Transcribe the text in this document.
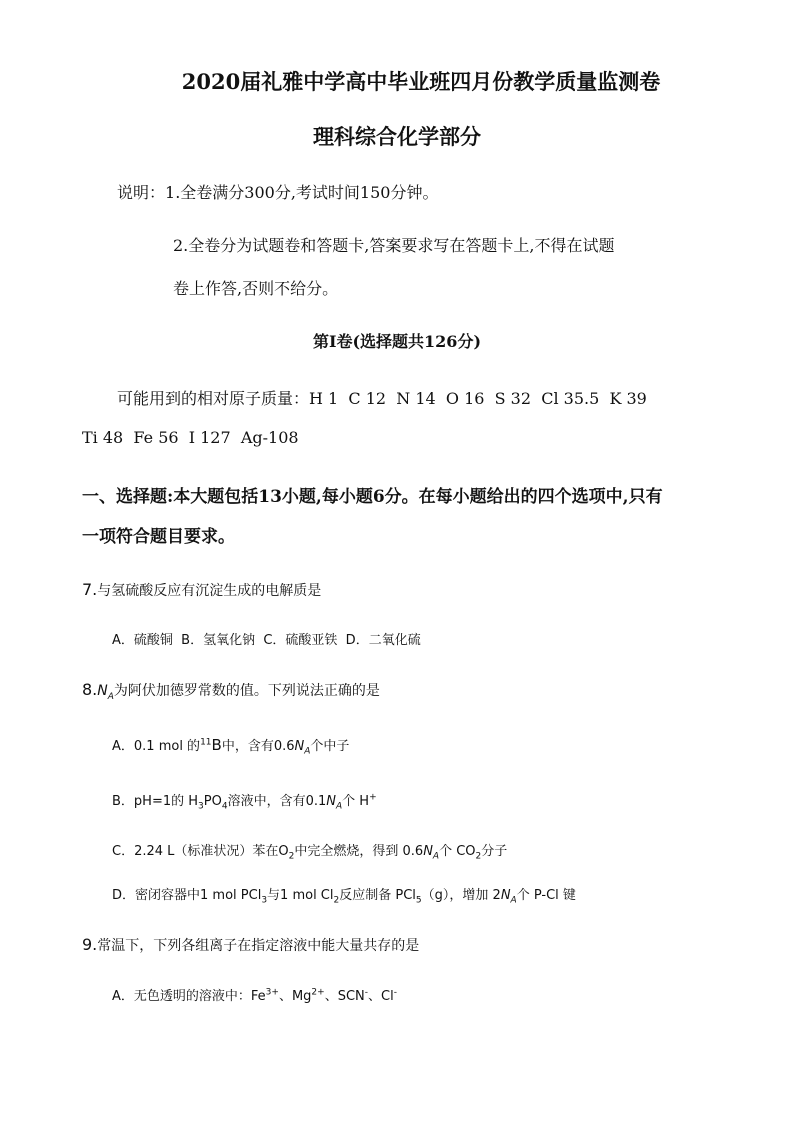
2020届礼雅中学高中毕业班四月份教学质量监测卷
理科综合化学部分
说明：1.全卷满分300分,考试时间150分钟。
2.全卷分为试题卷和答题卡,答案要求写在答题卡上,不得在试题
卷上作答,否则不给分。
第Ⅰ卷(选择题共126分)
可能用到的相对原子质量：H 1  C 12  N 14  O 16  S 32  Cl 35.5  K 39
Ti 48  Fe 56  I 127  Ag-108
一、选择题:本大题包括13小题,每小题6分。在每小题给出的四个选项中,只有
一项符合题目要求。
7.与氢硫酸反应有沉淀生成的电解质是
A．硫酸铜  B．氢氧化钠  C．硫酸亚铁  D．二氧化硫
$8.N_A$为阿伏加德罗常数的值。下列说法正确的是
A．0.1 mol 的$^{11}$B中，含有$0.6N_A$个中子
B．pH=1的 $H_3PO_4$溶液中，含有$0.1N_A$个 H+
C．2.24 L（标准状况）苯在$O_2$中完全燃烧，得到 $0.6N_A$个 $CO_2$分子
D．密闭容器中1 mol PCl$_3$与1 mol $Cl_2$反应制备 PCl$_5$（g），增加 $2N_A$个 P-Cl 键
9.常温下，下列各组离子在指定溶液中能大量共存的是
A．无色透明的溶液中：$Fe^{3+}$、$Mg^{2+}$、SCN-、Cl-
